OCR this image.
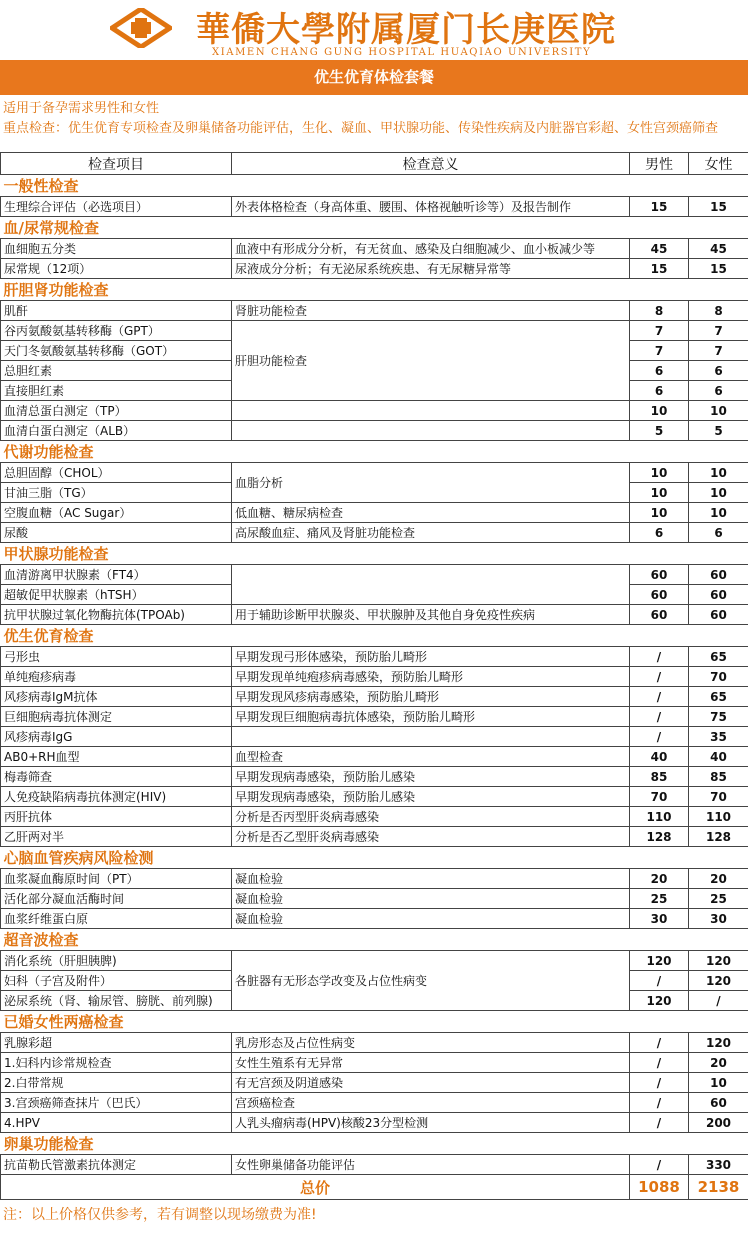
華僑大學附属厦门长庚医院
XIAMEN CHANG GUNG HOSPITAL HUAQIAO UNIVERSITY
优生优育体检套餐
适用于备孕需求男性和女性
重点检查：优生优育专项检查及卵巢储备功能评估，生化、凝血、甲状腺功能、传染性疾病及内脏器官彩超、女性宫颈癌筛查
检查项目	检查意义	男性	女性
一般性检查			
生理综合评估（必选项目）	外表体格检查（身高体重、腰围、体格视触听诊等）及报告制作	15	15
血/尿常规检查			
血细胞五分类	血液中有形成分分析，有无贫血、感染及白细胞减少、血小板减少等	45	45
尿常规（12项）	尿液成分分析；有无泌尿系统疾患、有无尿糖异常等	15	15
肝胆肾功能检查			
肌酐	肾脏功能检查	8	8
谷丙氨酸氨基转移酶（GPT）	肝胆功能检查	7	7
天门冬氨酸氨基转移酶（GOT）		7	7
总胆红素		6	6
直接胆红素		6	6
血清总蛋白测定（TP）		10	10
血清白蛋白测定（ALB）		5	5
代谢功能检查			
总胆固醇（CHOL）	血脂分析	10	10
甘油三脂（TG）		10	10
空腹血糖（AC Sugar）	低血糖、糖尿病检查	10	10
尿酸	高尿酸血症、痛风及肾脏功能检查	6	6
甲状腺功能检查			
血清游离甲状腺素（FT4）		60	60
超敏促甲状腺素（hTSH）		60	60
抗甲状腺过氧化物酶抗体(TPOAb)	用于辅助诊断甲状腺炎、甲状腺肿及其他自身免疫性疾病	60	60
优生优育检查			
弓形虫	早期发现弓形体感染，预防胎儿畸形	/	65
单纯疱疹病毒	早期发现单纯疱疹病毒感染，预防胎儿畸形	/	70
风疹病毒IgM抗体	早期发现风疹病毒感染，预防胎儿畸形	/	65
巨细胞病毒抗体测定	早期发现巨细胞病毒抗体感染，预防胎儿畸形	/	75
风疹病毒IgG		/	35
AB0+RH血型	血型检查	40	40
梅毒筛查	早期发现病毒感染，预防胎儿感染	85	85
人免疫缺陷病毒抗体测定(HIV)	早期发现病毒感染，预防胎儿感染	70	70
丙肝抗体	分析是否丙型肝炎病毒感染	110	110
乙肝两对半	分析是否乙型肝炎病毒感染	128	128
心脑血管疾病风险检测			
血浆凝血酶原时间（PT）	凝血检验	20	20
活化部分凝血活酶时间	凝血检验	25	25
血浆纤维蛋白原	凝血检验	30	30
超音波检查			
消化系统（肝胆胰脾)	各脏器有无形态学改变及占位性病变	120	120
妇科（子宫及附件）		/	120
泌尿系统（肾、输尿管、膀胱、前列腺)		120	/
已婚女性两癌检查			
乳腺彩超	乳房形态及占位性病变	/	120
1.妇科内诊常规检查	女性生殖系有无异常	/	20
2.白带常规	有无宫颈及阴道感染	/	10
3.宫颈癌筛查抹片（巴氏）	宫颈癌检查	/	60
4.HPV	人乳头瘤病毒(HPV)核酸23分型检测	/	200
卵巢功能检查			
抗苗勒氏管激素抗体测定	女性卵巢储备功能评估	/	330
总价		1088	2138
注：以上价格仅供参考，若有调整以现场缴费为准!
